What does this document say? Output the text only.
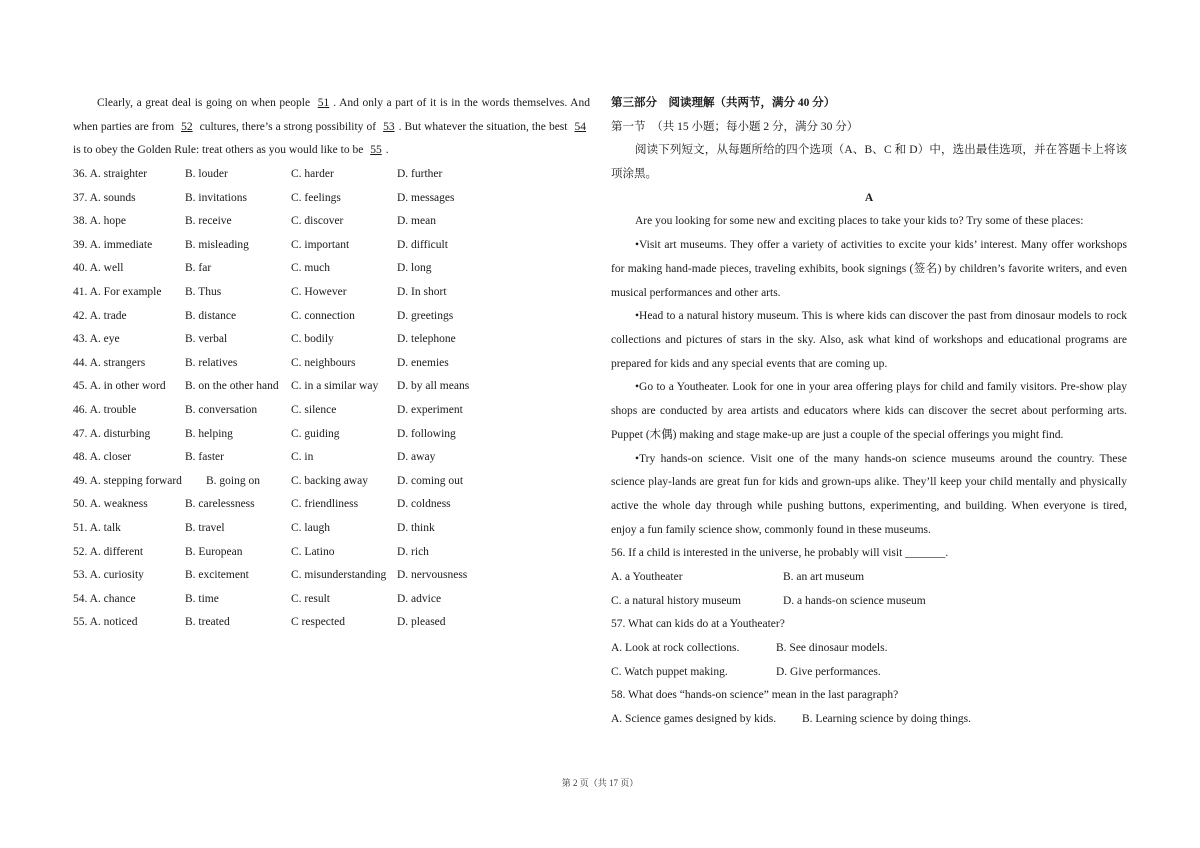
Clearly, a great deal is going on when people 51 . And only a part of it is in the words themselves. And when parties are from 52 cultures, there’s a strong possibility of 53 . But whatever the situation, the best 54 is to obey the Golden Rule: treat others as you would like to be 55 .

36. A. straighter	B. louder	C. harder	D. further
37. A. sounds	B. invitations	C. feelings	D. messages
38. A. hope	B. receive	C. discover	D. mean
39. A. immediate	B. misleading	C. important	D. difficult
40. A. well	B. far	C. much	D. long
41. A. For example B. Thus	C. However	D. In short
42. A. trade	B. distance	C. connection	D. greetings
43. A. eye	B. verbal	C. bodily	D. telephone
44. A. strangers	B. relatives	C. neighbours	D. enemies
45. A. in other word B. on the other hand C. in a similar way D. by all means
46. A. trouble	B. conversation	C. silence	D. experiment
47. A. disturbing	B. helping	C. guiding	D. following
48. A. closer	B. faster	C. in	D. away
49. A. stepping forward B. going on	C. backing away	D. coming out
50. A. weakness	B. carelessness	C. friendliness	D. coldness
51. A. talk	B. travel	C. laugh	D. think
52. A. different	B. European	C. Latino	D. rich
53. A. curiosity	B. excitement	C. misunderstanding D. nervousness
54. A. chance	B. time	C. result	D. advice
55. A. noticed	B. treated	C respected	D. pleased

第三部分　阅读理解（共两节，满分 40 分）

第一节　（共 15 小题；每小题 2 分，满分 30 分）

阅读下列短文，从每题所给的四个选项（A、B、C 和 D）中，选出最佳选项，并在答题卡上将该项涂黑。

A

Are you looking for some new and exciting places to take your kids to? Try some of these places:

•Visit art museums. They offer a variety of activities to excite your kids’ interest. Many offer workshops for making hand-made pieces, traveling exhibits, book signings (签名) by children’s favorite writers, and even musical performances and other arts.

•Head to a natural history museum. This is where kids can discover the past from dinosaur models to rock collections and pictures of stars in the sky. Also, ask what kind of workshops and educational programs are prepared for kids and any special events that are coming up.

•Go to a Youtheater. Look for one in your area offering plays for child and family visitors. Pre-show play shops are conducted by area artists and educators where kids can discover the secret about performing arts. Puppet (木偶) making and stage make-up are just a couple of the special offerings you might find.

•Try hands-on science. Visit one of the many hands-on science museums around the country. These science play-lands are great fun for kids and grown-ups alike. They’ll keep your child mentally and physically active the whole day through while pushing buttons, experimenting, and building. When everyone is tired, enjoy a fun family science show, commonly found in these museums.

56. If a child is interested in the universe, he probably will visit _______.

A. a Youtheater	B. an art museum
C. a natural history museum	D. a hands-on science museum

57. What can kids do at a Youtheater?

A. Look at rock collections.	B. See dinosaur models.
C. Watch puppet making.	D. Give performances.

58. What does “hands-on science” mean in the last paragraph?

A. Science games designed by kids. B. Learning science by doing things.
第 2 页（共 17 页）
